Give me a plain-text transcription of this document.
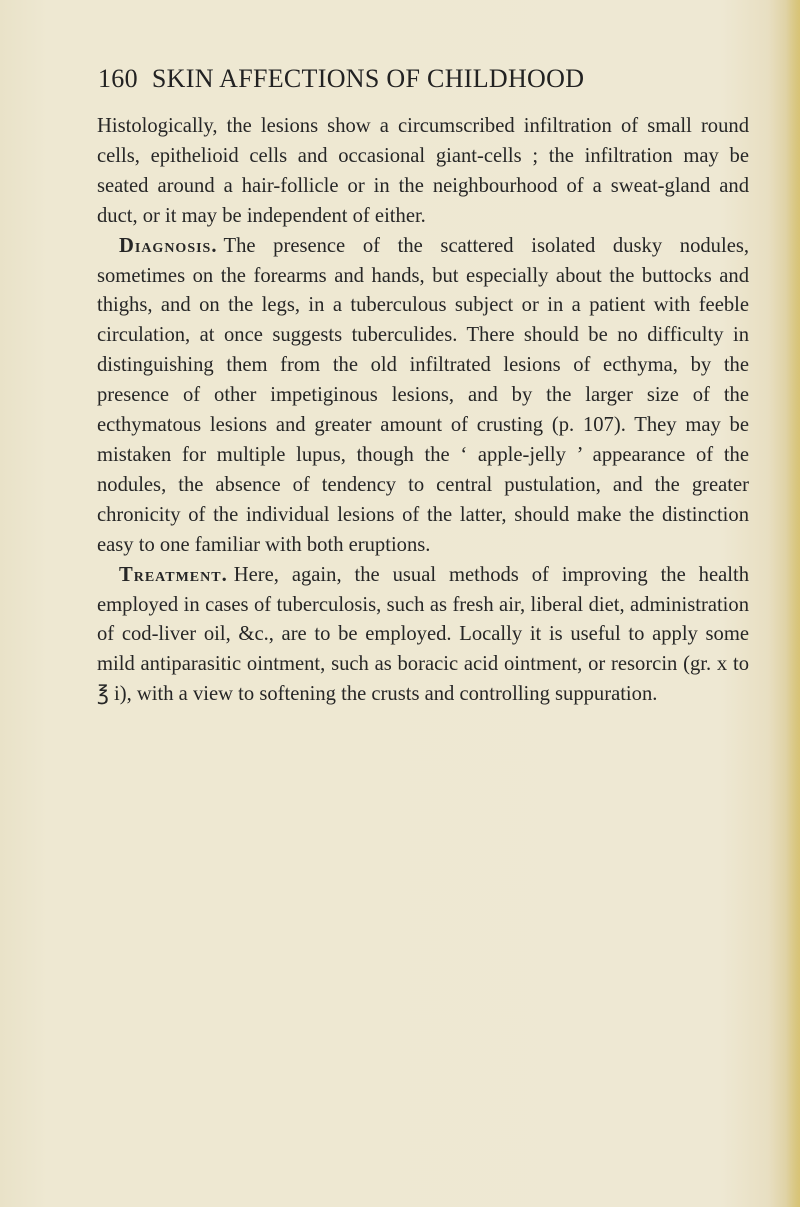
160 SKIN AFFECTIONS OF CHILDHOOD

Histologically, the lesions show a circumscribed infiltration of small round cells, epithelioid cells and occasional giant-cells ; the infiltration may be seated around a hair-follicle or in the neighbourhood of a sweat-gland and duct, or it may be independent of either.

Diagnosis. The presence of the scattered isolated dusky nodules, sometimes on the forearms and hands, but especially about the buttocks and thighs, and on the legs, in a tuberculous subject or in a patient with feeble circulation, at once suggests tuberculides. There should be no difficulty in distinguishing them from the old infiltrated lesions of ecthyma, by the presence of other impetiginous lesions, and by the larger size of the ecthymatous lesions and greater amount of crusting (p. 107). They may be mistaken for multiple lupus, though the ‘ apple-jelly ’ appearance of the nodules, the absence of tendency to central pustulation, and the greater chronicity of the individual lesions of the latter, should make the distinction easy to one familiar with both eruptions.

Treatment. Here, again, the usual methods of improving the health employed in cases of tuberculosis, such as fresh air, liberal diet, administration of cod-liver oil, &c., are to be employed. Locally it is useful to apply some mild antiparasitic ointment, such as boracic acid ointment, or resorcin (gr. x to ℥ i), with a view to softening the crusts and controlling suppuration.
